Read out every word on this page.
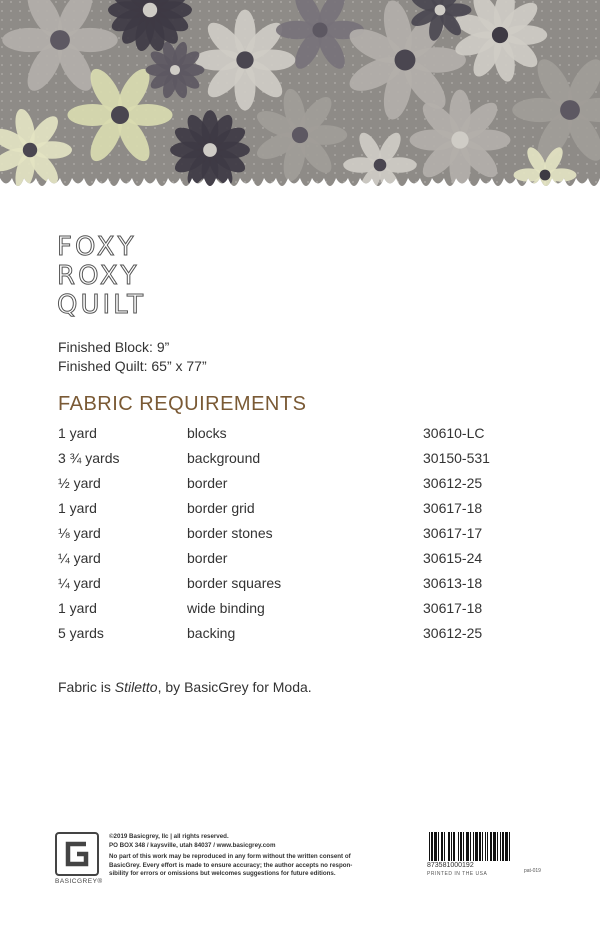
FOXY
ROXY
QUILT
Finished Block: 9”
Finished Quilt: 65” x 77”
FABRIC REQUIREMENTS
1 yard	blocks	30610-LC
3 ¾ yards	background	30150-531
½ yard	border	30612-25
1 yard	border grid	30617-18
⅛ yard	border stones	30617-17
¼ yard	border	30615-24
¼ yard	border squares	30613-18
1 yard	wide binding	30617-18
5 yards	backing	30612-25
Fabric is Stiletto, by BasicGrey for Moda.
BASICGREY®
©2019 Basicgrey, llc | all rights reserved.
PO BOX 348 / kaysville, utah 84037 / www.basicgrey.com
No part of this work may be reproduced in any form without the written consent of
BasicGrey. Every effort is made to ensure accuracy; the author accepts no respon-
sibility for errors or omissions but welcomes suggestions for future editions.
873581000192
PRINTED IN THE USA	pat-019
